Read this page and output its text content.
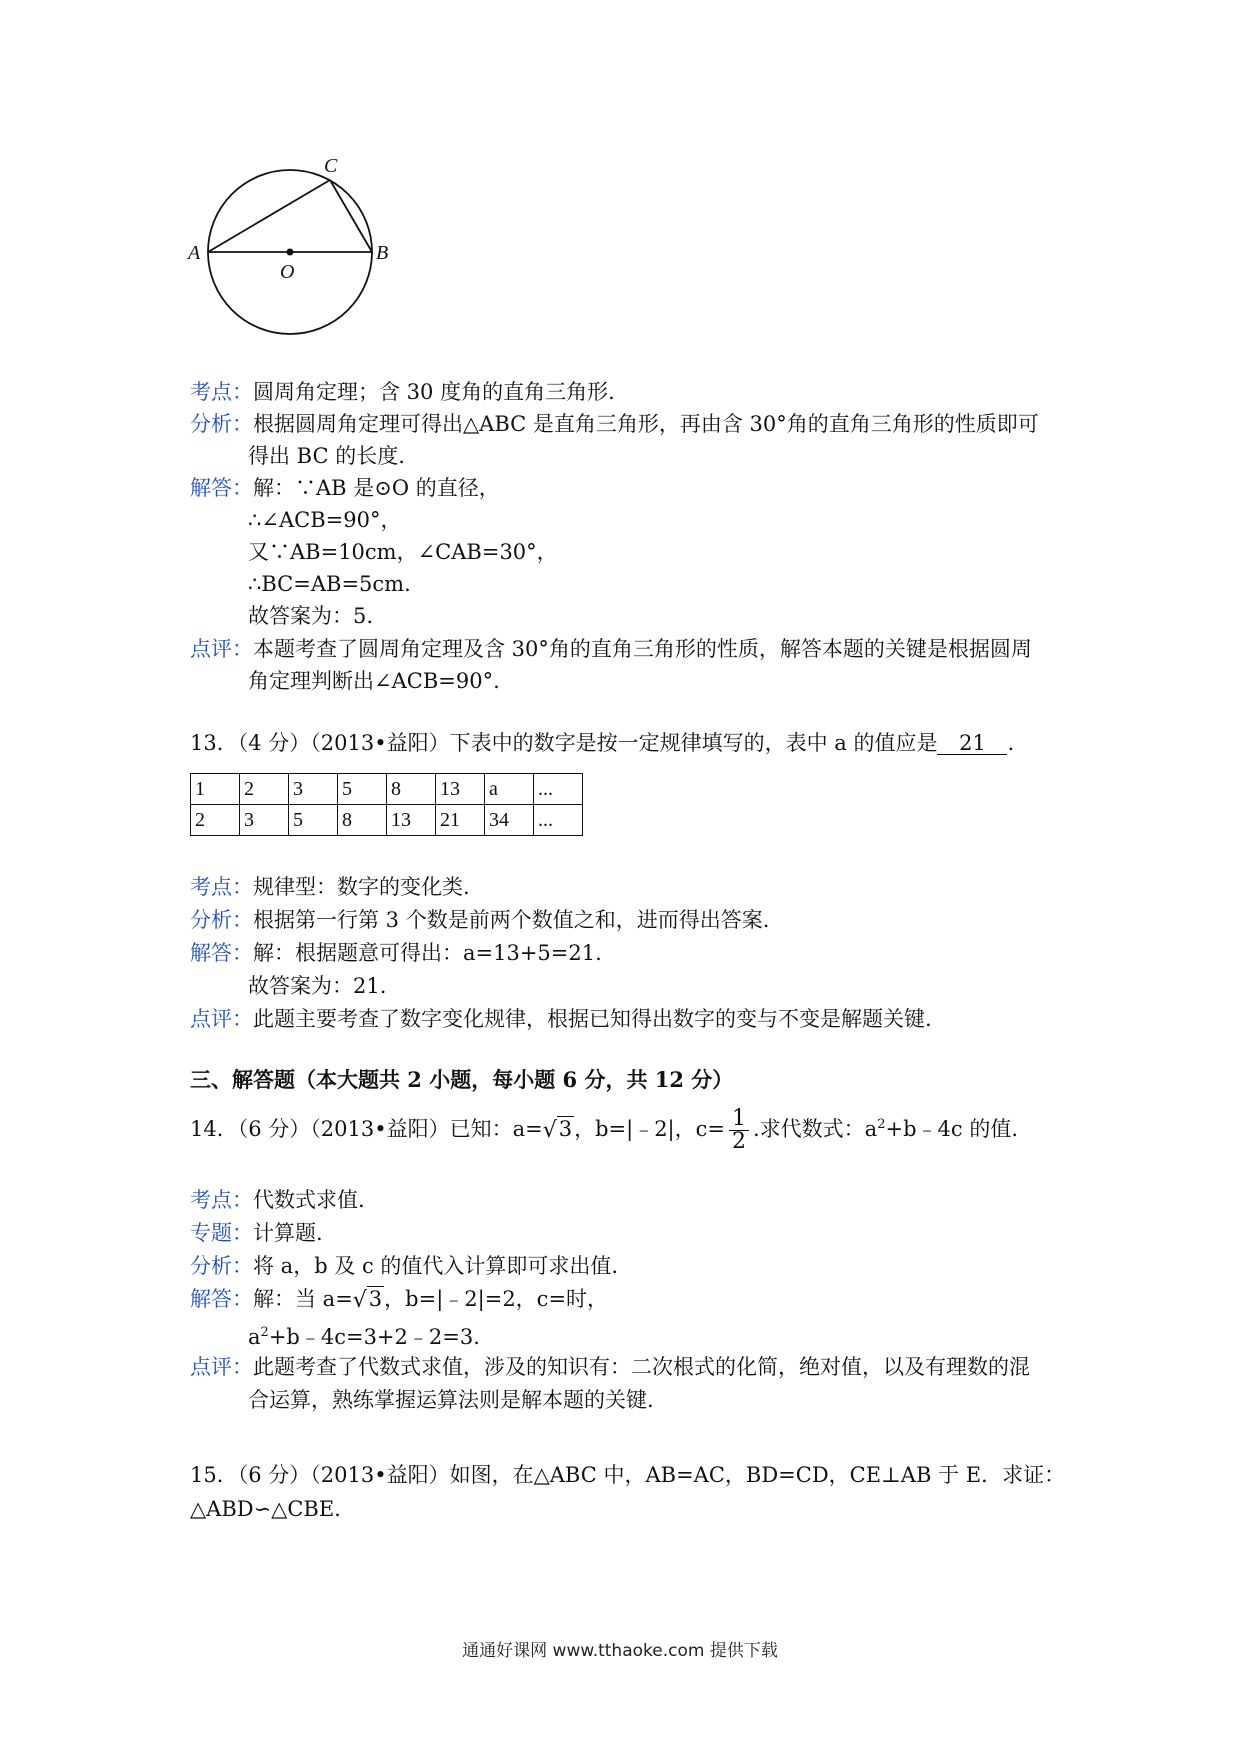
A	B
C
O
考点：圆周角定理；含 30 度角的直角三角形.
分析：根据圆周角定理可得出△ABC 是直角三角形，再由含 30°角的直角三角形的性质即可
得出 BC 的长度.
解答：解：∵AB 是⊙O 的直径，
∴∠ACB=90°，
又∵AB=10cm，∠CAB=30°，
∴BC=AB=5cm.
故答案为：5.
点评：本题考查了圆周角定理及含 30°角的直角三角形的性质，解答本题的关键是根据圆周
角定理判断出∠ACB=90°.
13．（4 分）（2013•益阳）下表中的数字是按一定规律填写的，表中 a 的值应是 21 .
1	2	3	5	8	13	a	...
2	3	5	8	13	21	34	...
考点：规律型：数字的变化类.
分析：根据第一行第 3 个数是前两个数值之和，进而得出答案.
解答：解：根据题意可得出：a=13+5=21.
故答案为：21.
点评：此题主要考查了数字变化规律，根据已知得出数字的变与不变是解题关键.
三、解答题（本大题共 2 小题，每小题 6 分，共 12 分）
14．（6 分）（2013•益阳）已知：a= √ 3，b=|﹣2|，$c= \frac{1}{2}$ .求代数式：$a^2+b﹣4c$ 的值.
考点：代数式求值.
专题：计算题.
分析：将 a，b 及 c 的值代入计算即可求出值.
解答：解：当 a= √ 3，b=|﹣2|=2，c=时，
$a^2+b﹣4c=3+2﹣2=3$.
点评：此题考查了代数式求值，涉及的知识有：二次根式的化简，绝对值，以及有理数的混
合运算，熟练掌握运算法则是解本题的关键.
15．（6 分）（2013•益阳）如图，在△ABC 中，AB=AC，BD=CD，CE⊥AB 于 E．求证：
△ABD∽△CBE.
通通好课网 www.tthaoke.com 提供下载
